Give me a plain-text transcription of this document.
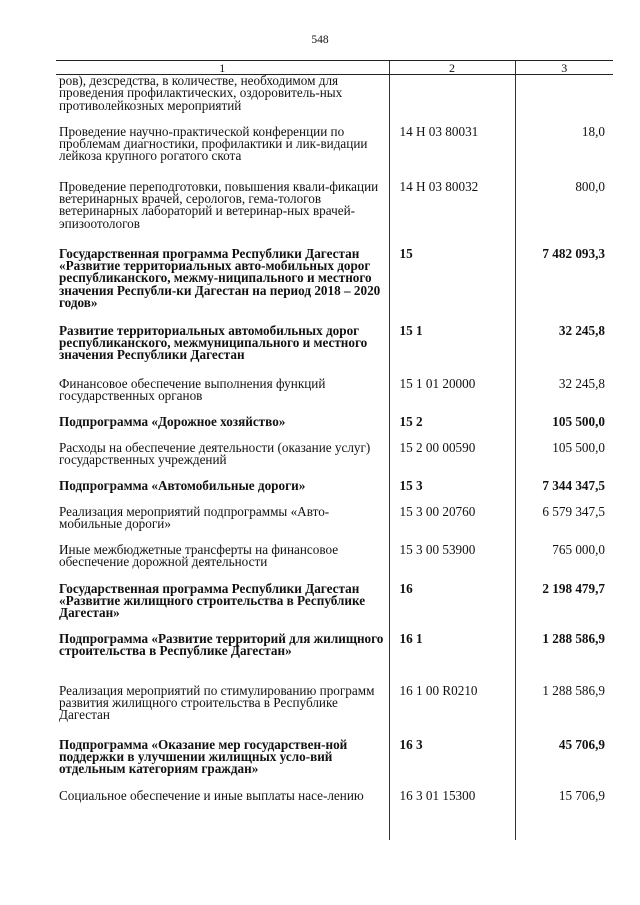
548
1	2	3
ров), дезсредства, в количестве, необходимом для проведения профилактических, оздоровитель-ных противолейкозных мероприятий		
Проведение научно-практической конференции по проблемам диагностики, профилактики и лик-видации лейкоза крупного рогатого скота	14 Н 03 80031	18,0
Проведение переподготовки, повышения квали-фикации ветеринарных врачей, серологов, гема-тологов ветеринарных лабораторий и ветеринар-ных врачей-эпизоотологов	14 Н 03 80032	800,0
Государственная программа Республики Дагестан «Развитие территориальных авто-мобильных дорог республиканского, межму-ниципального и местного значения Республи-ки Дагестан на период 2018 – 2020 годов»	15	7 482 093,3
Развитие территориальных автомобильных дорог республиканского, межмуниципального и местного значения Республики Дагестан	15 1	32 245,8
Финансовое обеспечение выполнения функций государственных органов	15 1 01 20000	32 245,8
Подпрограмма «Дорожное хозяйство»	15 2	105 500,0
Расходы на обеспечение деятельности (оказание услуг) государственных учреждений	15 2 00 00590	105 500,0
Подпрограмма «Автомобильные дороги»	15 3	7 344 347,5
Реализация мероприятий подпрограммы «Авто-мобильные дороги»	15 3 00 20760	6 579 347,5
Иные межбюджетные трансферты на финансовое обеспечение дорожной деятельности	15 3 00 53900	765 000,0
Государственная программа Республики Дагестан «Развитие жилищного строительства в Республике Дагестан»	16	2 198 479,7
Подпрограмма «Развитие территорий для жилищного строительства в Республике Дагестан»	16 1	1 288 586,9
Реализация мероприятий по стимулированию программ развития жилищного строительства в Республике Дагестан	16 1 00 R0210	1 288 586,9
Подпрограмма «Оказание мер государствен-ной поддержки в улучшении жилищных усло-вий отдельным категориям граждан»	16 3	45 706,9
Социальное обеспечение и иные выплаты насе-лению	16 3 01 15300	15 706,9
